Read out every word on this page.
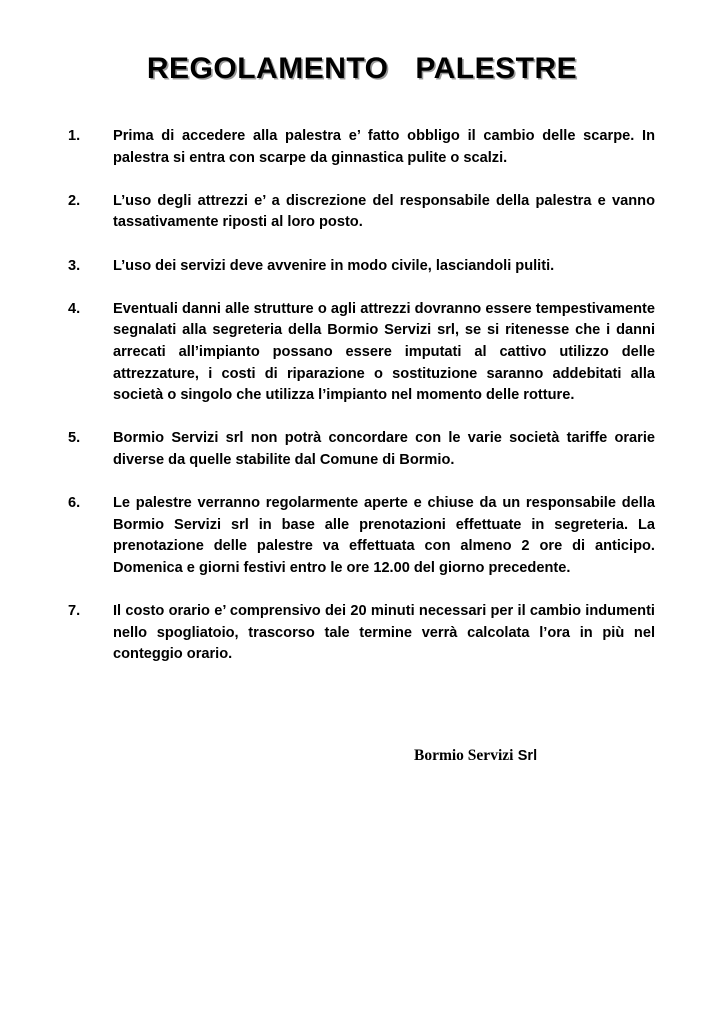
REGOLAMENTO PALESTRE
1.	Prima di accedere alla palestra e’ fatto obbligo il cambio delle scarpe. In palestra si entra con scarpe da ginnastica pulite o scalzi.
2.	L’uso degli attrezzi e’ a discrezione del responsabile della palestra e vanno tassativamente riposti al loro posto.
3.	L’uso dei servizi deve avvenire in modo civile, lasciandoli puliti.
4.	Eventuali danni alle strutture o agli attrezzi dovranno essere tempestivamente segnalati alla segreteria della Bormio Servizi srl, se si ritenesse che i danni arrecati all’impianto possano essere imputati al cattivo utilizzo delle attrezzature, i costi di riparazione o sostituzione saranno addebitati alla società o singolo che utilizza l’impianto nel momento delle rotture.
5.	Bormio Servizi srl non potrà concordare con le varie società tariffe orarie diverse da quelle stabilite dal Comune di Bormio.
6.	Le palestre verranno regolarmente aperte e chiuse da un responsabile della Bormio Servizi srl in base alle prenotazioni effettuate in segreteria. La prenotazione delle palestre va effettuata con almeno 2 ore di anticipo. Domenica e giorni festivi entro le ore 12.00 del giorno precedente.
7.	Il costo orario e’ comprensivo dei 20 minuti necessari per il cambio indumenti nello spogliatoio, trascorso tale termine verrà calcolata l’ora in più nel conteggio orario.
Bormio Servizi Srl
